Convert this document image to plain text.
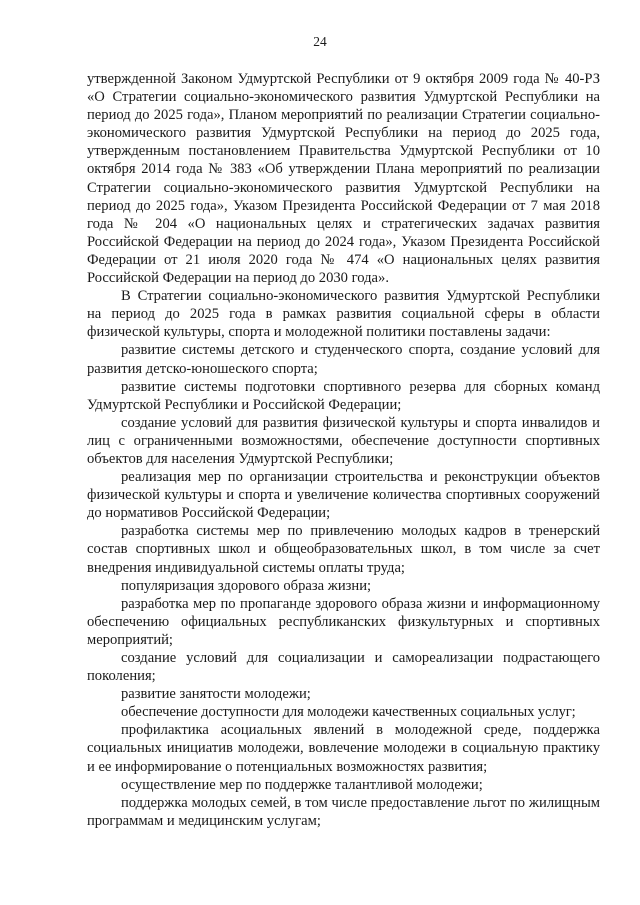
24

утвержденной Законом Удмуртской Республики от 9 октября 2009 года № 40-РЗ «О Стратегии социально-экономического развития Удмуртской Республики на период до 2025 года», Планом мероприятий по реализации Стратегии социально-экономического развития Удмуртской Республики на период до 2025 года, утвержденным постановлением Правительства Удмуртской Республики от 10 октября 2014 года № 383 «Об утверждении Плана мероприятий по реализации Стратегии социально-экономического развития Удмуртской Республики на период до 2025 года», Указом Президента Российской Федерации от 7 мая 2018 года № 204 «О национальных целях и стратегических задачах развития Российской Федерации на период до 2024 года», Указом Президента Российской Федерации от 21 июля 2020 года № 474 «О национальных целях развития Российской Федерации на период до 2030 года».

В Стратегии социально-экономического развития Удмуртской Республики на период до 2025 года в рамках развития социальной сферы в области физической культуры, спорта и молодежной политики поставлены задачи:

развитие системы детского и студенческого спорта, создание условий для развития детско-юношеского спорта;

развитие системы подготовки спортивного резерва для сборных команд Удмуртской Республики и Российской Федерации;

создание условий для развития физической культуры и спорта инвалидов и лиц с ограниченными возможностями, обеспечение доступности спортивных объектов для населения Удмуртской Республики;

реализация мер по организации строительства и реконструкции объектов физической культуры и спорта и увеличение количества спортивных сооружений до нормативов Российской Федерации;

разработка системы мер по привлечению молодых кадров в тренерский состав спортивных школ и общеобразовательных школ, в том числе за счет внедрения индивидуальной системы оплаты труда;

популяризация здорового образа жизни;

разработка мер по пропаганде здорового образа жизни и информационному обеспечению официальных республиканских физкультурных и спортивных мероприятий;

создание условий для социализации и самореализации подрастающего поколения;

развитие занятости молодежи;

обеспечение доступности для молодежи качественных социальных услуг;

профилактика асоциальных явлений в молодежной среде, поддержка социальных инициатив молодежи, вовлечение молодежи в социальную практику и ее информирование о потенциальных возможностях развития;

осуществление мер по поддержке талантливой молодежи;

поддержка молодых семей, в том числе предоставление льгот по жилищным программам и медицинским услугам;
